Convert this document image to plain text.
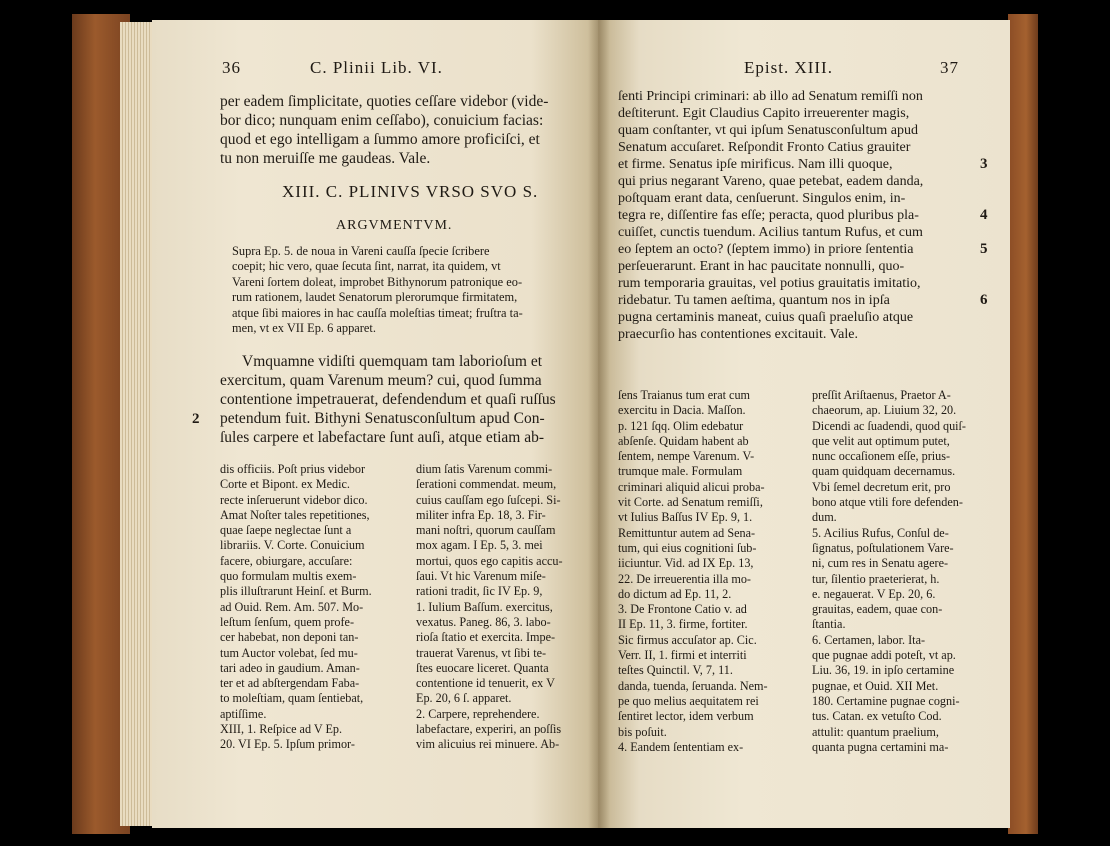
36	C. Plinii Lib. VI.
per eadem ſimplicitate, quoties ceſſare videbor (vide-
bor dico; nunquam enim ceſſabo), conuicium facias:
quod et ego intelligam a ſummo amore proficiſci, et
tu non meruiſſe me gaudeas. Vale.
XIII. C. PLINIVS VRSO SVO S.
ARGVMENTVM.
Supra Ep. 5. de noua in Vareni cauſſa ſpecie ſcribere
coepit; hic vero, quae ſecuta ſint, narrat, ita quidem, vt
Vareni ſortem doleat, improbet Bithynorum patronique eo-
rum rationem, laudet Senatorum plerorumque firmitatem,
atque ſibi maiores in hac cauſſa moleſtias timeat; fruſtra ta-
men, vt ex VII Ep. 6 apparet.
Vmquamne vidiſti quemquam tam laborioſum et
exercitum, quam Varenum meum? cui, quod ſumma
contentione impetrauerat, defendendum et quaſi ruſſus
petendum fuit. Bithyni Senatusconſultum apud Con-
ſules carpere et labefactare ſunt auſi, atque etiam ab-
2
dis officiis. Poſt prius videbor
Corte et Bipont. ex Medic.
recte inſeruerunt videbor dico.
Amat Noſter tales repetitiones,
quae ſaepe neglectae ſunt a
librariis. V. Corte. Conuicium
facere, obiurgare, accuſare:
quo formulam multis exem-
plis illuſtrarunt Heinſ. et Burm.
ad Ouid. Rem. Am. 507. Mo-
leſtum ſenſum, quem profe-
cer habebat, non deponi tan-
tum Auctor volebat, ſed mu-
tari adeo in gaudium. Aman-
ter et ad abſtergendam Faba-
to moleſtiam, quam ſentiebat,
aptiſſime.
XIII, 1. Reſpice ad V Ep.
20. VI Ep. 5. Ipſum primor-
dium ſatis Varenum commi-
ſerationi commendat. meum,
cuius cauſſam ego ſuſcepi. Si-
militer infra Ep. 18, 3. Fir-
mani noſtri, quorum cauſſam
mox agam. I Ep. 5, 3. mei
mortui, quos ego capitis accu-
ſaui. Vt hic Varenum miſe-
rationi tradit, ſic IV Ep. 9,
1. Iulium Baſſum. exercitus,
vexatus. Paneg. 86, 3. labo-
rioſa ſtatio et exercita. Impe-
trauerat Varenus, vt ſibi te-
ſtes euocare liceret. Quanta
contentione id tenuerit, ex V
Ep. 20, 6 ſ. apparet.
2. Carpere, reprehendere.
labefactare, experiri, an poſſis
vim alicuius rei minuere. Ab-
Epist. XIII.	37
ſenti Principi criminari: ab illo ad Senatum remiſſi non
deſtiterunt. Egit Claudius Capito irreuerenter magis,
quam conſtanter, vt qui ipſum Senatusconſultum apud
Senatum accuſaret. Reſpondit Fronto Catius grauiter
et firme. Senatus ipſe mirificus. Nam illi quoque,
qui prius negarant Vareno, quae petebat, eadem danda,
poſtquam erant data, cenſuerunt. Singulos enim, in-
tegra re, diſſentire fas eſſe; peracta, quod pluribus pla-
cuiſſet, cunctis tuendum. Acilius tantum Rufus, et cum
eo ſeptem an octo? (ſeptem immo) in priore ſententia
perſeuerarunt. Erant in hac paucitate nonnulli, quo-
rum temporaria grauitas, vel potius grauitatis imitatio,
ridebatur. Tu tamen aeſtima, quantum nos in ipſa
pugna certaminis maneat, cuius quaſi praeluſio atque
praecurſio has contentiones excitauit. Vale.
3
4
5
6
ſens Traianus tum erat cum
exercitu in Dacia. Maſſon.
p. 121 ſqq. Olim edebatur
abſenſe. Quidam habent ab
ſentem, nempe Varenum. V-
trumque male. Formulam
criminari aliquid alicui proba-
vit Corte. ad Senatum remiſſi,
vt Iulius Baſſus IV Ep. 9, 1.
Remittuntur autem ad Sena-
tum, qui eius cognitioni ſub-
iiciuntur. Vid. ad IX Ep. 13,
22. De irreuerentia illa mo-
do dictum ad Ep. 11, 2.
3. De Frontone Catio v. ad
II Ep. 11, 3. firme, fortiter.
Sic firmus accuſator ap. Cic.
Verr. II, 1. firmi et interriti
teſtes Quinctil. V, 7, 11.
danda, tuenda, ſeruanda. Nem-
pe quo melius aequitatem rei
ſentiret lector, idem verbum
bis poſuit.
4. Eandem ſententiam ex-
preſſit Ariſtaenus, Praetor A-
chaeorum, ap. Liuium 32, 20.
Dicendi ac ſuadendi, quod quiſ-
que velit aut optimum putet,
nunc occaſionem eſſe, prius-
quam quidquam decernamus.
Vbi ſemel decretum erit, pro
bono atque vtili fore defenden-
dum.
5. Acilius Rufus, Conſul de-
ſignatus, poſtulationem Vare-
ni, cum res in Senatu agere-
tur, ſilentio praeterierat, h.
e. negauerat. V Ep. 20, 6.
grauitas, eadem, quae con-
ſtantia.
6. Certamen, labor. Ita-
que pugnae addi poteſt, vt ap.
Liu. 36, 19. in ipſo certamine
pugnae, et Ouid. XII Met.
180. Certamine pugnae cogni-
tus. Catan. ex vetuſto Cod.
attulit: quantum praelium,
quanta pugna certamini ma-
